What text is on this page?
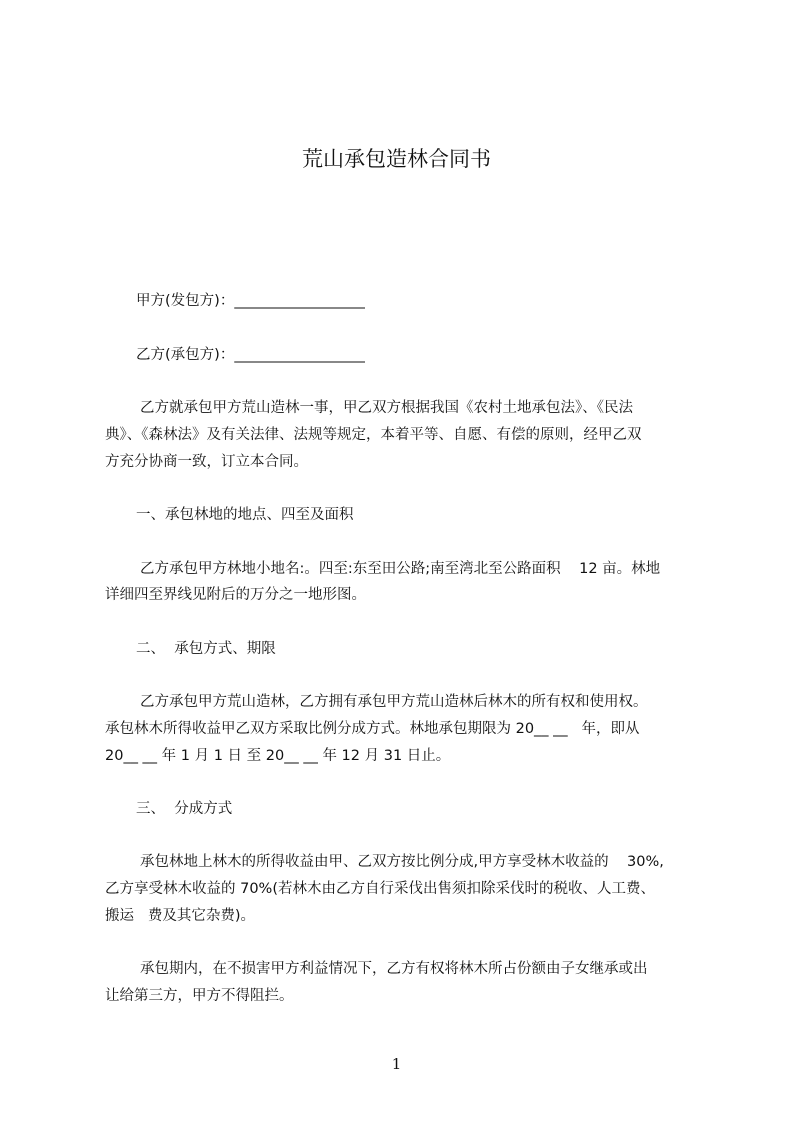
荒山承包造林合同书
甲方(发包方)：__________________
乙方(承包方)：__________________
乙方就承包甲方荒山造林一事，甲乙双方根据我国《农村土地承包法》、《民法
典》、《森林法》及有关法律、法规等规定，本着平等、自愿、有偿的原则，经甲乙双
方充分协商一致，订立本合同。
一、承包林地的地点、四至及面积
乙方承包甲方林地小地名:。四至:东至田公路;南至湾北至公路面积    12 亩。林地
详细四至界线见附后的万分之一地形图。
二、  承包方式、期限
乙方承包甲方荒山造林，乙方拥有承包甲方荒山造林后林木的所有权和使用权。
承包林木所得收益甲乙双方采取比例分成方式。林地承包期限为 20__ __   年，即从
20__ __ 年 1 月 1 日 至 20__ __ 年 12 月 31 日止。
三、  分成方式
承包林地上林木的所得收益由甲、乙双方按比例分成,甲方享受林木收益的    30%,
乙方享受林木收益的 70%(若林木由乙方自行采伐出售须扣除采伐时的税收、人工费、
搬运   费及其它杂费)。
承包期内，在不损害甲方利益情况下，乙方有权将林木所占份额由子女继承或出
让给第三方，甲方不得阻拦。
1
